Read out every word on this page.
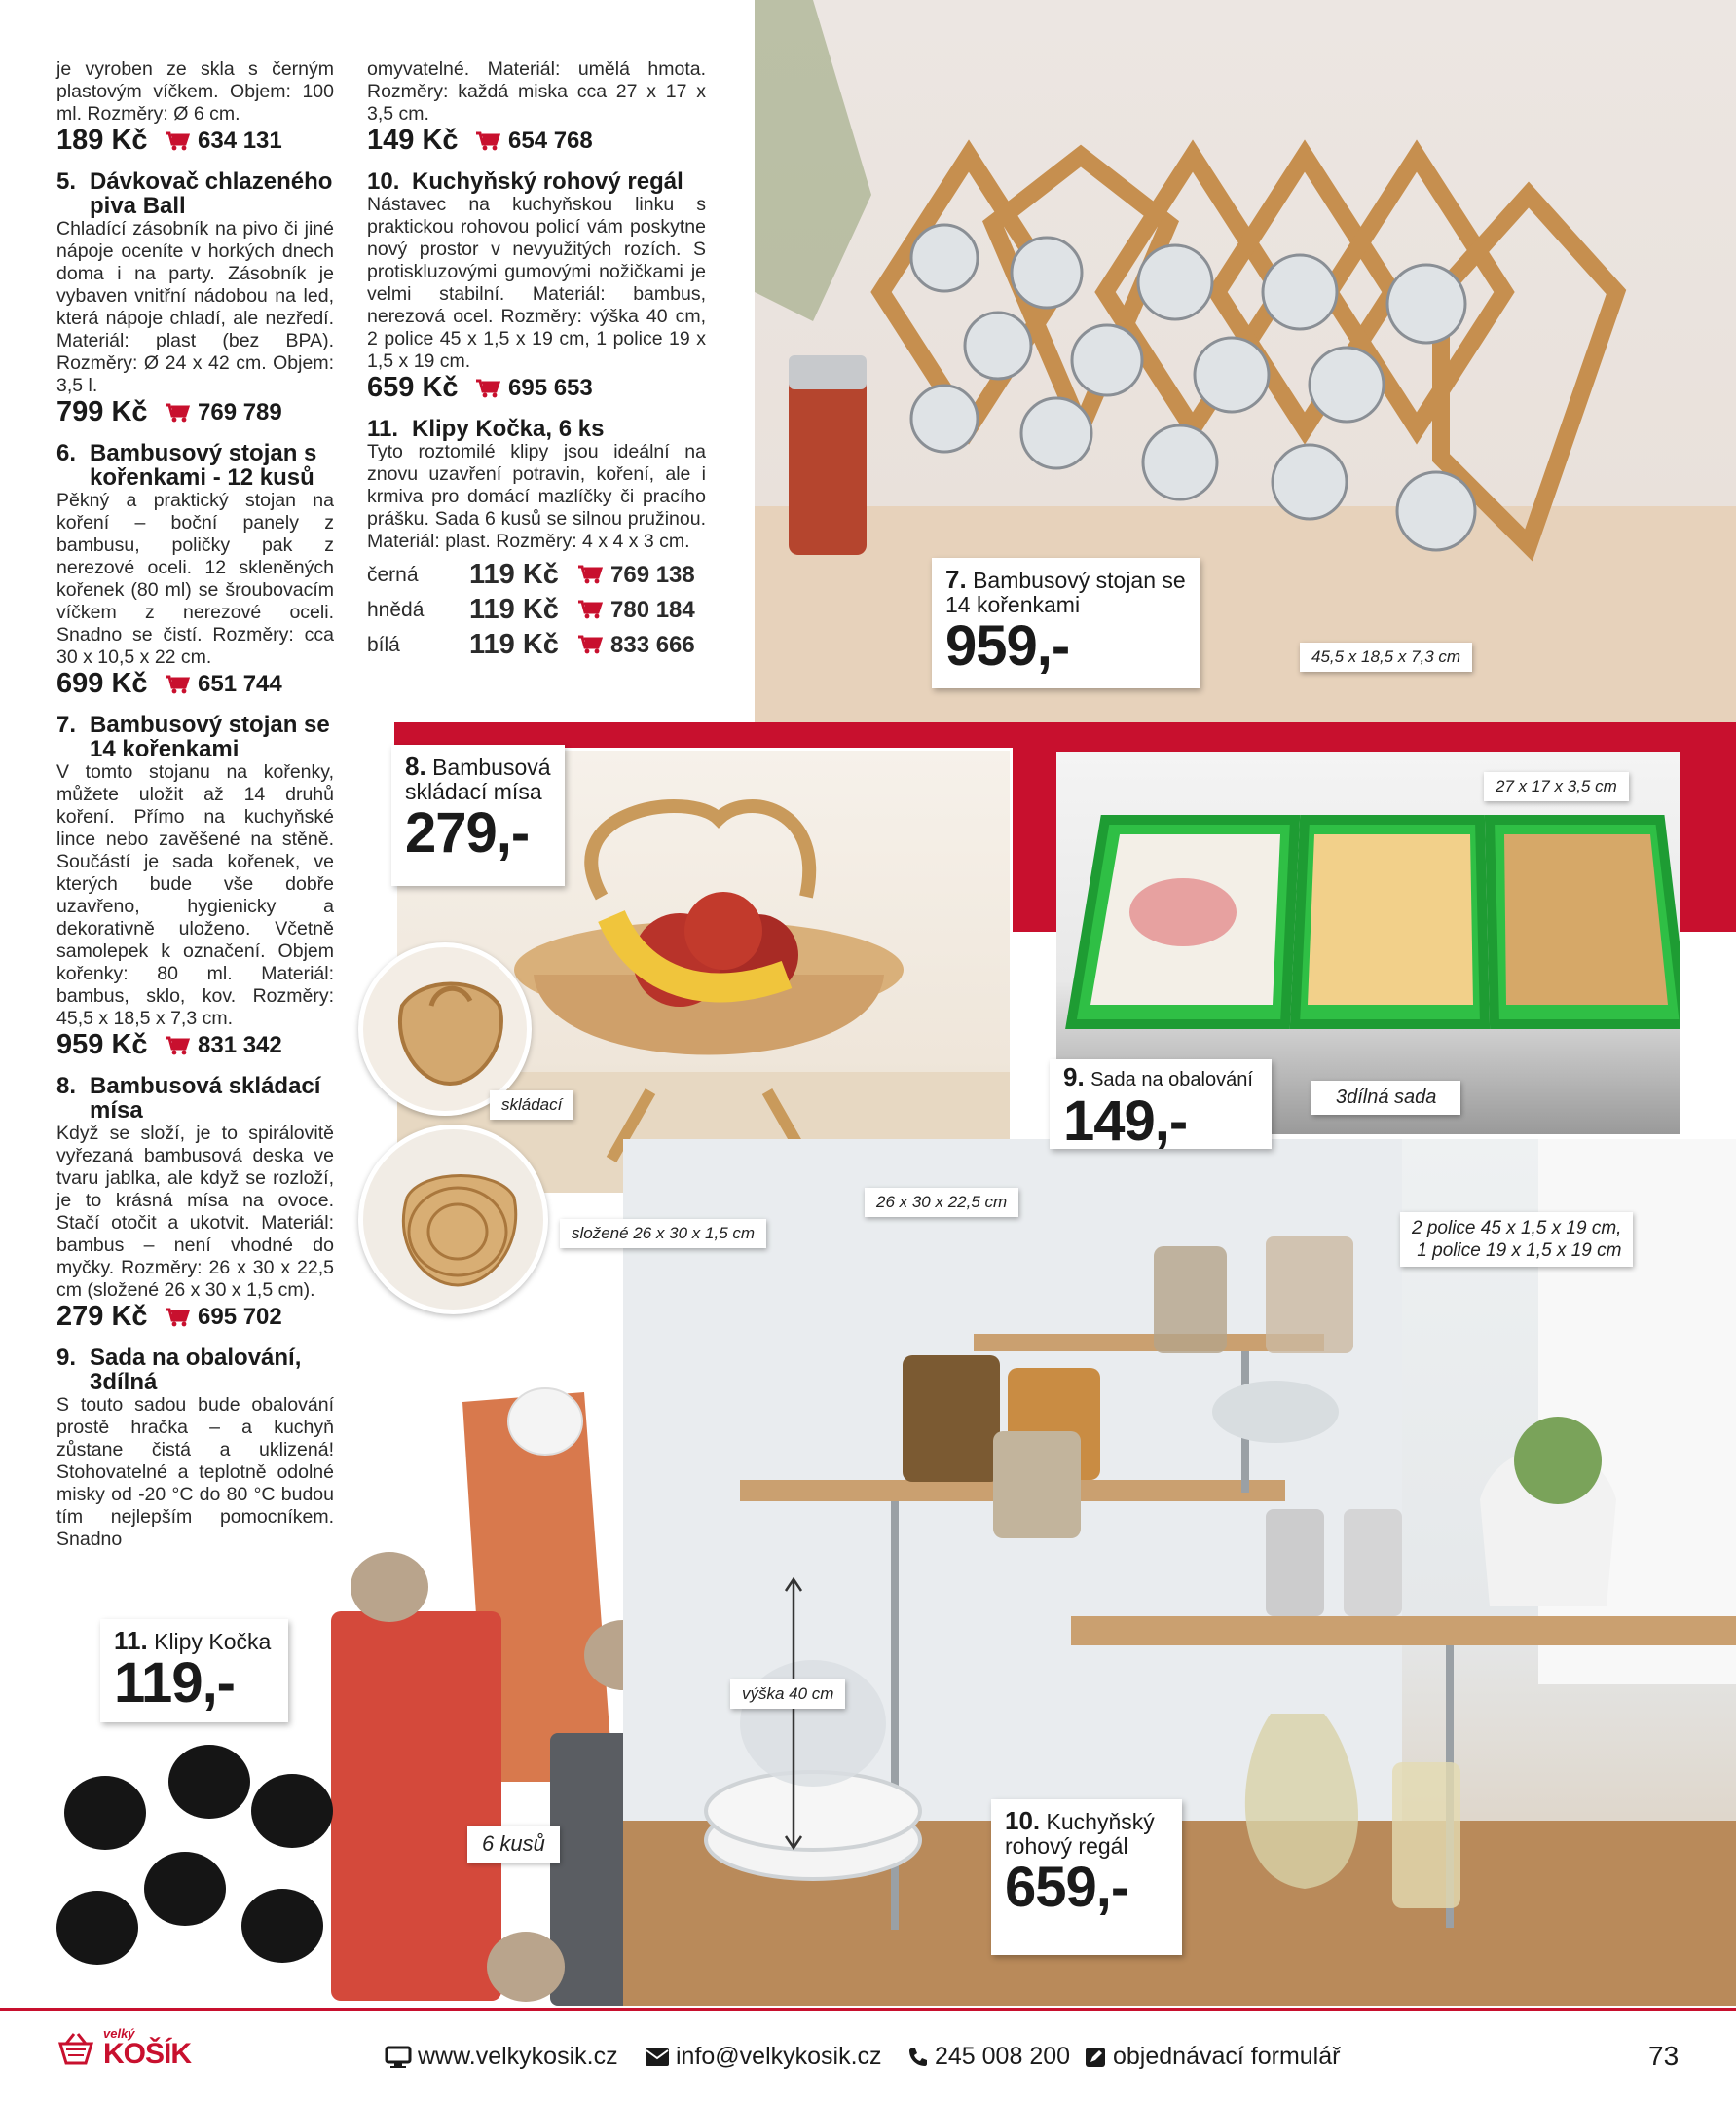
je vyroben ze skla s černým plastovým víčkem. Objem: 100 ml. Rozměry: Ø 6 cm.
189 Kč	634 131
5. Dávkovač chlazeného piva Ball
Chladící zásobník na pivo či jiné nápoje oceníte v horkých dnech doma i na party. Zásobník je vybaven vnitřní nádobou na led, která nápoje chladí, ale nezředí. Materiál: plast (bez BPA). Rozměry: Ø 24 x 42 cm. Objem: 3,5 l.
799 Kč	769 789
6. Bambusový stojan s kořenkami - 12 kusů
Pěkný a praktický stojan na koření – boční panely z bambusu, poličky pak z nerezové oceli. 12 skleněných kořenek (80 ml) se šroubovacím víčkem z nerezové oceli. Snadno se čistí. Rozměry: cca 30 x 10,5 x 22 cm.
699 Kč	651 744
7. Bambusový stojan se 14 kořenkami
V tomto stojanu na kořenky, můžete uložit až 14 druhů koření. Přímo na kuchyňské lince nebo zavěšené na stěně. Součástí je sada kořenek, ve kterých bude vše dobře uzavřeno, hygienicky a dekorativně uloženo. Včetně samolepek k označení. Objem kořenky: 80 ml. Materiál: bambus, sklo, kov. Rozměry: 45,5 x 18,5 x 7,3 cm.
959 Kč	831 342
8. Bambusová skládací mísa
Když se složí, je to spirálovitě vyřezaná bambusová deska ve tvaru jablka, ale když se rozloží, je to krásná mísa na ovoce. Stačí otočit a ukotvit. Materiál: bambus – není vhodné do myčky. Rozměry: 26 x 30 x 22,5 cm (složené 26 x 30 x 1,5 cm).
279 Kč	695 702
9. Sada na obalování, 3dílná
S touto sadou bude obalování prostě hračka – a kuchyň zůstane čistá a uklizená! Stohovatelné a teplotně odolné misky od -20 °C do 80 °C budou tím nejlepším pomocníkem. Snadno
omyvatelné. Materiál: umělá hmota. Rozměry: každá miska cca 27 x 17 x 3,5 cm.
149 Kč	654 768
10. Kuchyňský rohový regál
Nástavec na kuchyňskou linku s praktickou rohovou policí vám poskytne nový prostor v nevyužitých rozích. S protiskluzovými gumovými nožičkami je velmi stabilní. Materiál: bambus, nerezová ocel. Rozměry: výška 40 cm, 2 police 45 x 1,5 x 19 cm, 1 police 19 x 1,5 x 19 cm.
659 Kč	695 653
11. Klipy Kočka, 6 ks
Tyto roztomilé klipy jsou ideální na znovu uzavření potravin, koření, ale i krmiva pro domácí mazlíčky či pracího prášku. Sada 6 kusů se silnou pružinou. Materiál: plast. Rozměry: 4 x 4 x 3 cm.
černá	119 Kč	769 138
hnědá	119 Kč	780 184
bílá	119 Kč	833 666
7. Bambusový stojan se 14 kořenkami
959,-
8. Bambusová skládací mísa
279,-
9. Sada na obalování
149,-
10. Kuchyňský rohový regál
659,-
11. Klipy Kočka
119,-
45,5 x 18,5 x 7,3 cm
27 x 17 x 3,5 cm
3dílná sada
26 x 30 x 22,5 cm
složené 26 x 30 x 1,5 cm
skládací
2 police 45 x 1,5 x 19 cm,
1 police 19 x 1,5 x 19 cm
výška 40 cm
6 kusů
velký
KOŠÍK	www.velkykosik.cz info@velkykosik.cz 245 008 200 objednávací formulář	73
